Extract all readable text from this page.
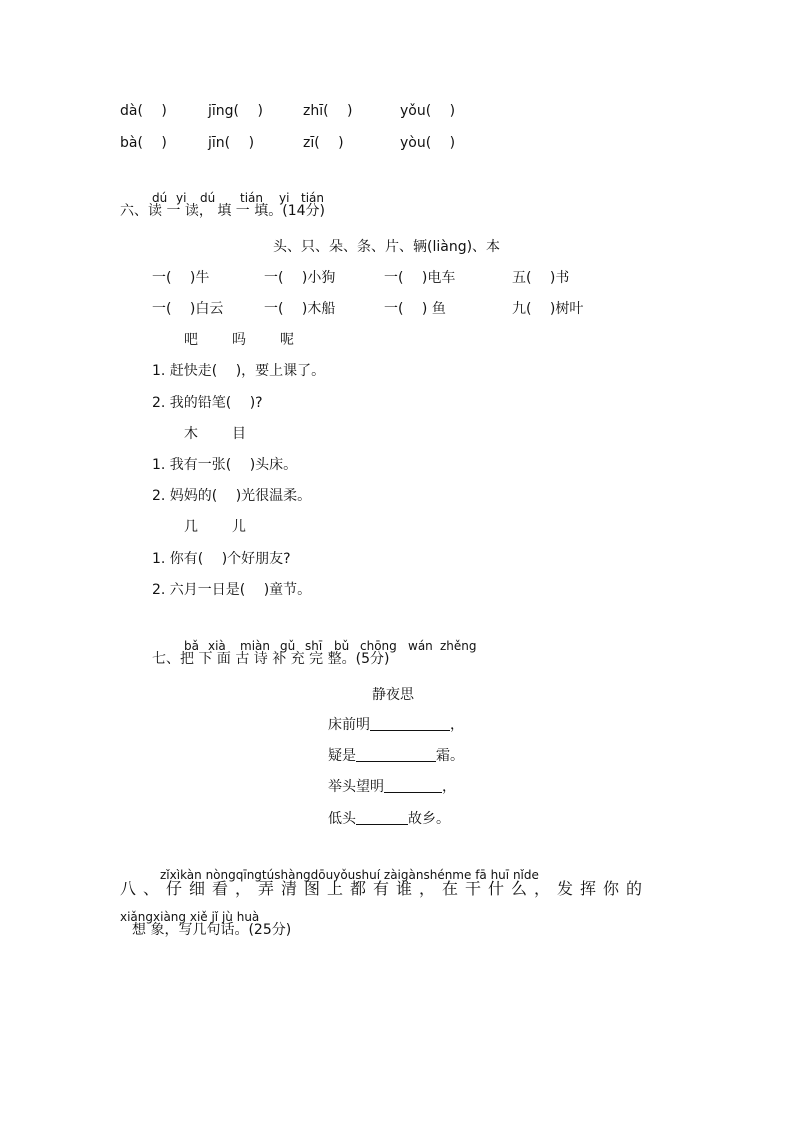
dà(　 )	jīng(　 )	zhī(　 )	yǒu(　 )
bà(　 )	jīn(　 )	zī(　 )	yòu(　 )
dú yi dú tián yi tián
六、读 一 读， 填 一 填。(14分)
头、只、朵、条、片、辆(liàng)、本
一(　 )牛	一(　 )小狗	一(　 )电车	五(　 )书
一(　 )白云	一(　 )木船	一(　 ) 鱼	九(　 )树叶
吧 吗 呢
1. 赶快走(　 )，要上课了。
2. 我的铅笔(　 )?
木 目
1. 我有一张(　 )头床。
2. 妈妈的(　 )光很温柔。
几 儿
1. 你有(　 )个好朋友?
2. 六月一日是(　 )童节。
bǎ xià miàn gǔ shī bǔ chōng wán zhěng
七、把 下 面 古 诗 补 充 完 整。(5分)
静夜思
床前明	，
疑是	霜。
举头望明	，
低头	故乡。
zǐxìkàn nòngqīngtúshàngdōuyǒushuí zàigànshénme fā huī nǐde
八、仔细看，弄清图上都有谁，在干什么，发挥你的
xiǎngxiàng xiě jǐ jù huà
想 象，写几句话。(25分)
